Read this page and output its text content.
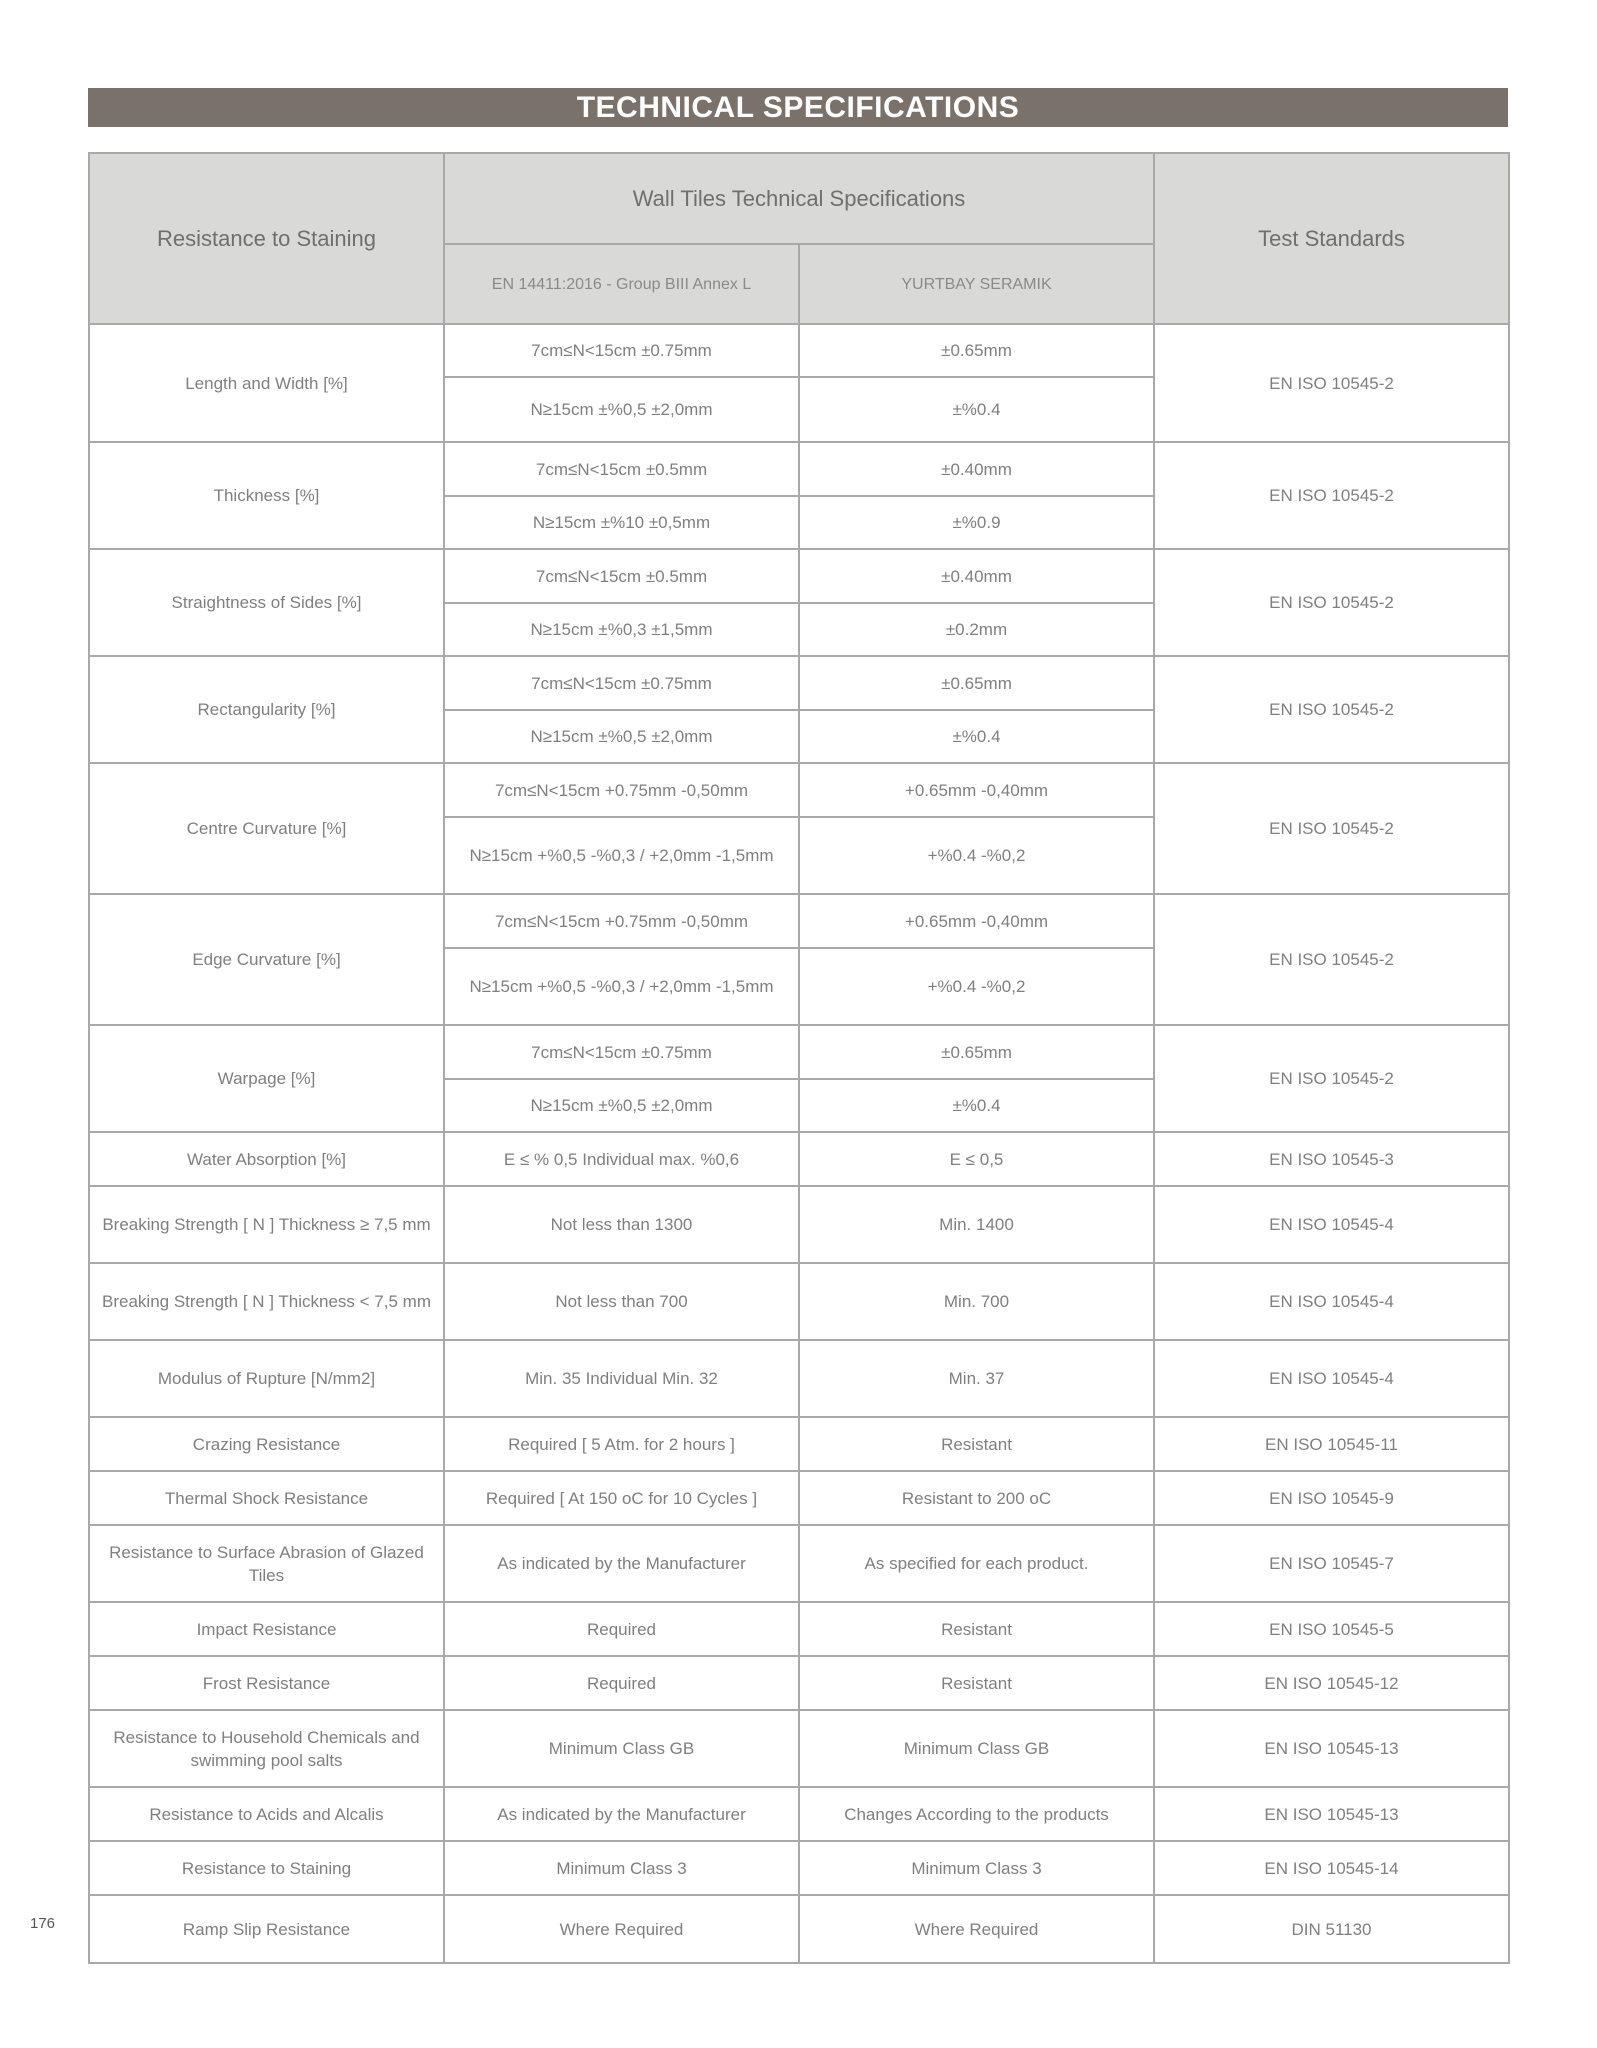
TECHNICAL SPECIFICATIONS
Resistance to Staining	Wall Tiles Technical Specifications		Test Standards
	EN 14411:2016 - Group BIII Annex L	YURTBAY SERAMIK	
Length and Width [%]	7cm≤N<15cm ±0.75mm	±0.65mm	EN ISO 10545-2
	N≥15cm ±%0,5 ±2,0mm	±%0.4	
Thickness [%]	7cm≤N<15cm ±0.5mm	±0.40mm	EN ISO 10545-2
	N≥15cm ±%10 ±0,5mm	±%0.9	
Straightness of Sides [%]	7cm≤N<15cm ±0.5mm	±0.40mm	EN ISO 10545-2
	N≥15cm ±%0,3 ±1,5mm	±0.2mm	
Rectangularity [%]	7cm≤N<15cm ±0.75mm	±0.65mm	EN ISO 10545-2
	N≥15cm ±%0,5 ±2,0mm	±%0.4	
Centre Curvature [%]	7cm≤N<15cm +0.75mm -0,50mm	+0.65mm -0,40mm	EN ISO 10545-2
	N≥15cm +%0,5 -%0,3 / +2,0mm -1,5mm	+%0.4 -%0,2	
Edge Curvature [%]	7cm≤N<15cm +0.75mm -0,50mm	+0.65mm -0,40mm	EN ISO 10545-2
	N≥15cm +%0,5 -%0,3 / +2,0mm -1,5mm	+%0.4 -%0,2	
Warpage [%]	7cm≤N<15cm ±0.75mm	±0.65mm	EN ISO 10545-2
	N≥15cm ±%0,5 ±2,0mm	±%0.4	
Water Absorption [%]	E ≤ % 0,5 Individual max. %0,6	E ≤ 0,5	EN ISO 10545-3
Breaking Strength [ N ] Thickness ≥ 7,5 mm	Not less than 1300	Min. 1400	EN ISO 10545-4
Breaking Strength [ N ] Thickness < 7,5 mm	Not less than 700	Min. 700	EN ISO 10545-4
Modulus of Rupture [N/mm2]	Min. 35 Individual Min. 32	Min. 37	EN ISO 10545-4
Crazing Resistance	Required [ 5 Atm. for 2 hours ]	Resistant	EN ISO 10545-11
Thermal Shock Resistance	Required [ At 150 oC for 10 Cycles ]	Resistant to 200 oC	EN ISO 10545-9
Resistance to Surface Abrasion of Glazed Tiles	As indicated by the Manufacturer	As specified for each product.	EN ISO 10545-7
Impact Resistance	Required	Resistant	EN ISO 10545-5
Frost Resistance	Required	Resistant	EN ISO 10545-12
Resistance to Household Chemicals and swimming pool salts	Minimum Class GB	Minimum Class GB	EN ISO 10545-13
Resistance to Acids and Alcalis	As indicated by the Manufacturer	Changes According to the products	EN ISO 10545-13
Resistance to Staining	Minimum Class 3	Minimum Class 3	EN ISO 10545-14
Ramp Slip Resistance	Where Required	Where Required	DIN 51130
176
